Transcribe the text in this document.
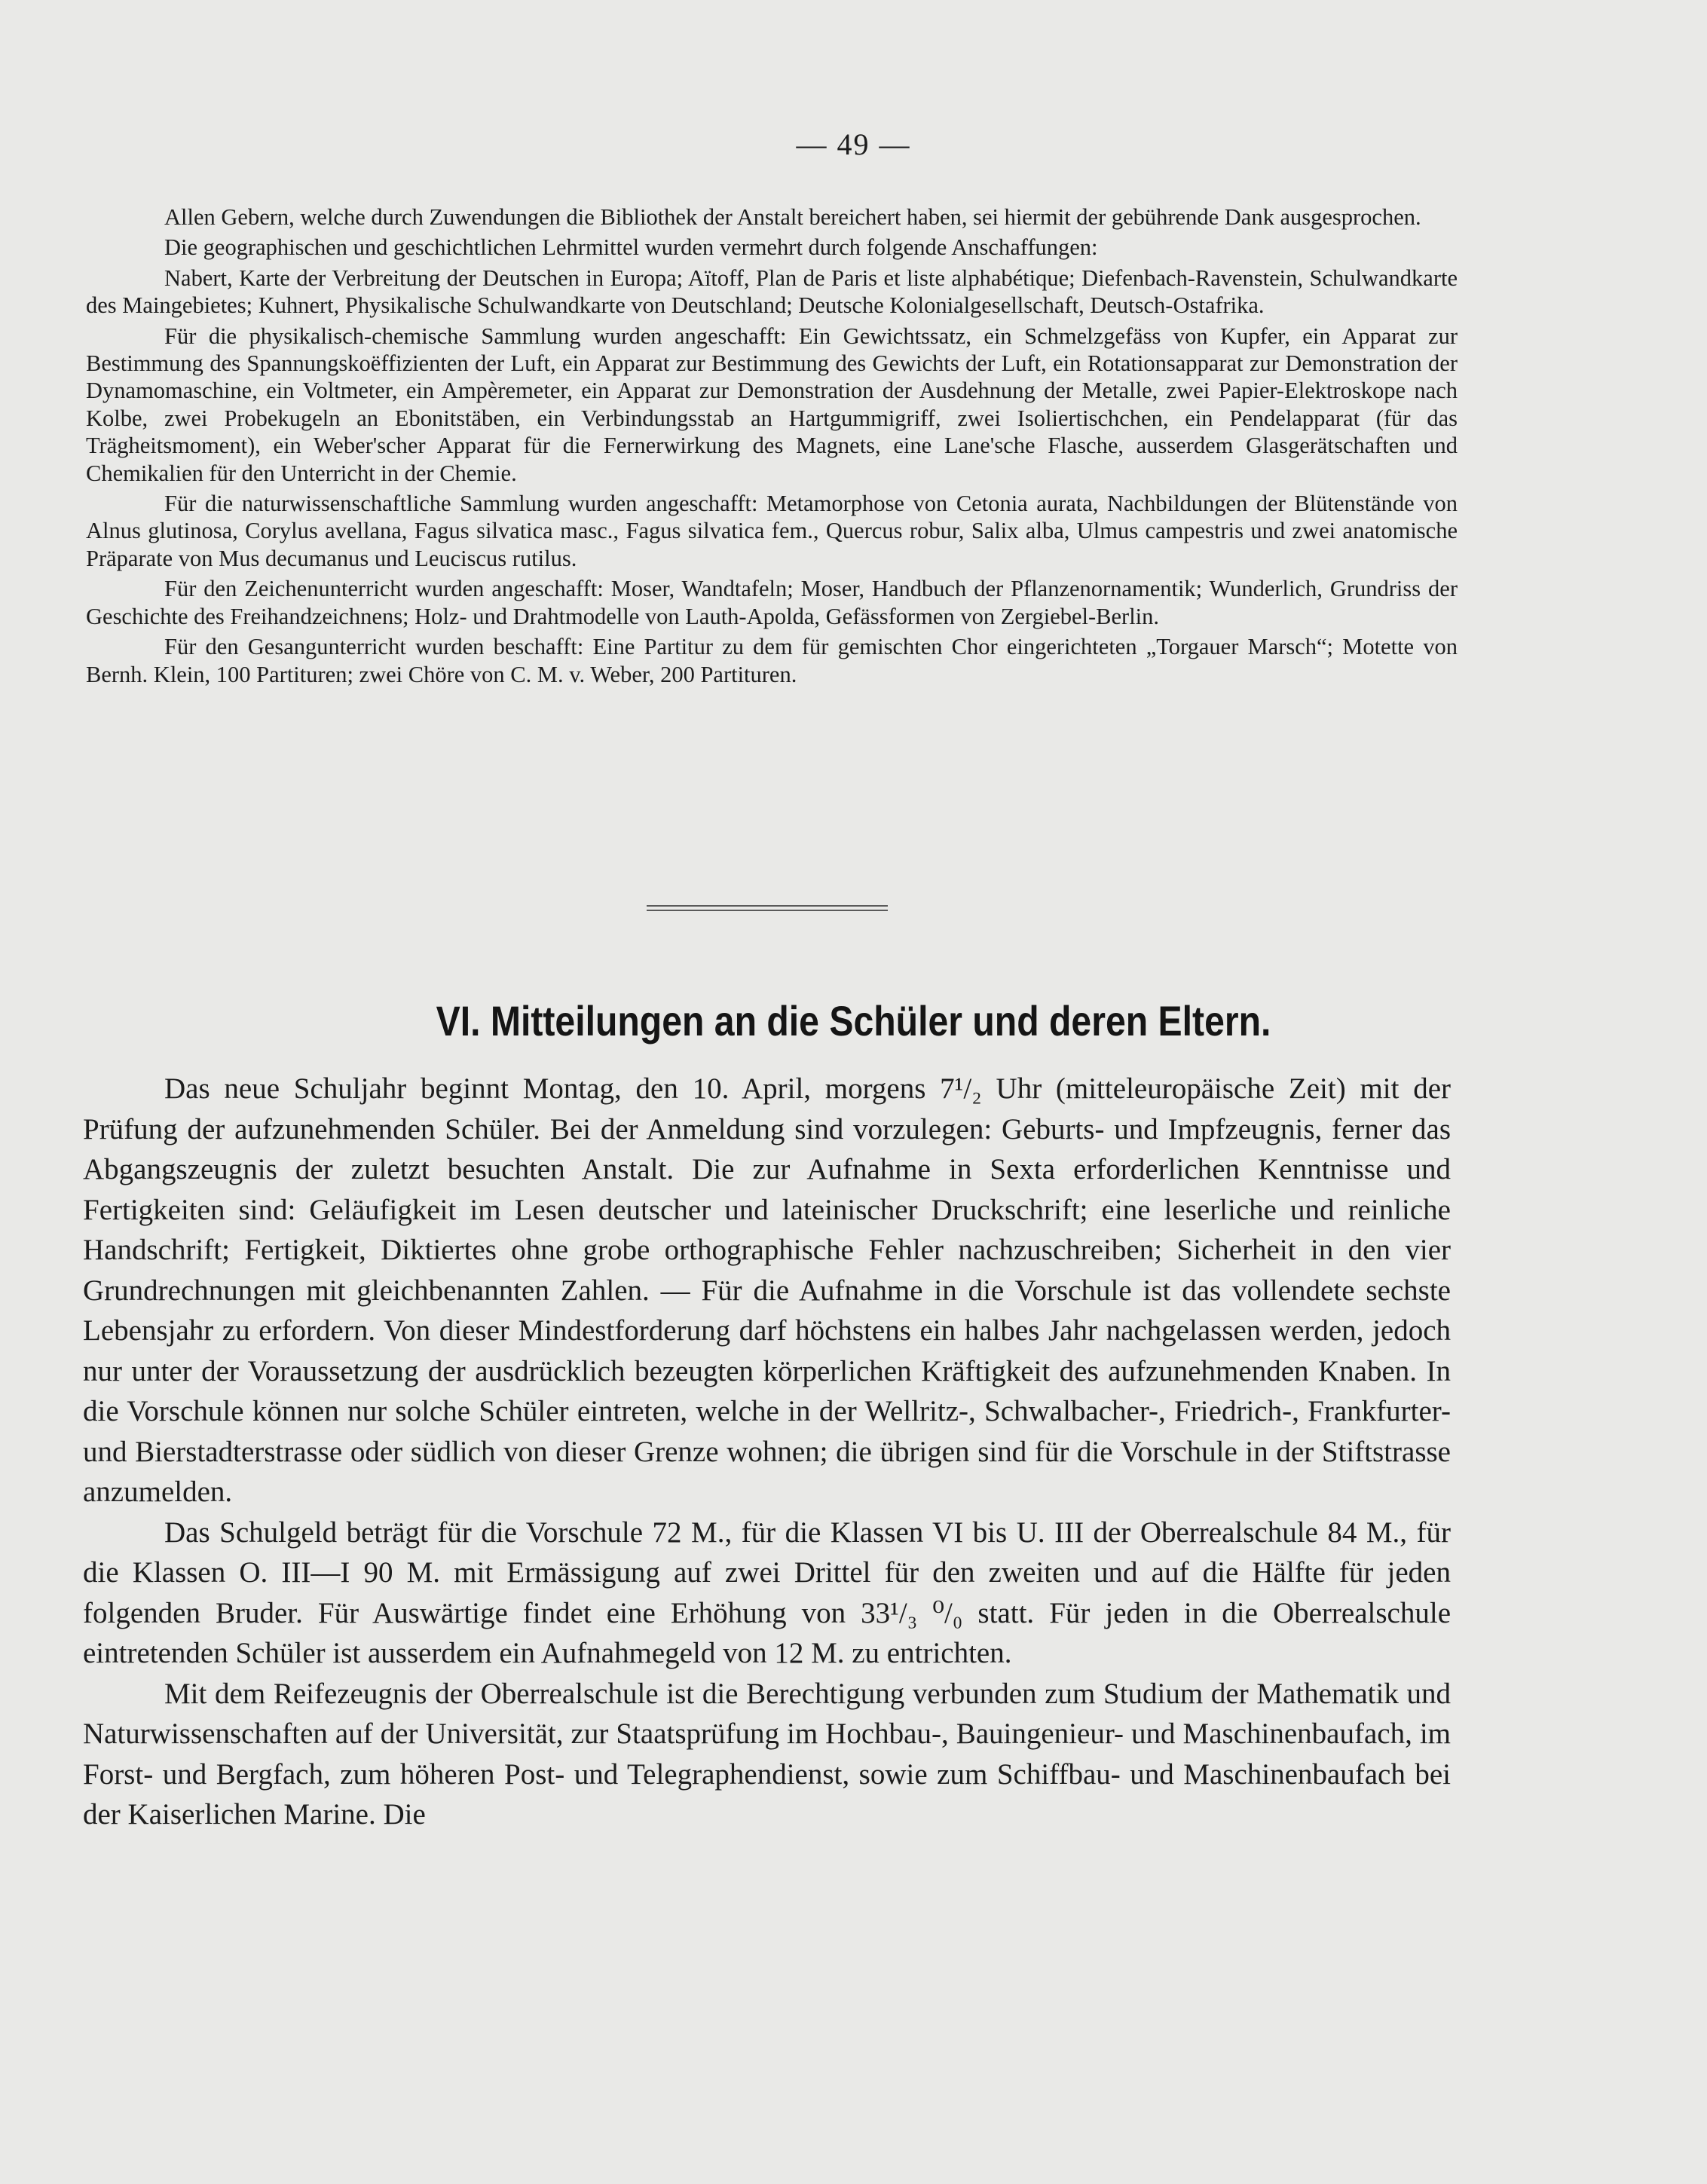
— 49 —

Allen Gebern, welche durch Zuwendungen die Bibliothek der Anstalt bereichert haben, sei hiermit der gebührende Dank ausgesprochen.

Die geographischen und geschichtlichen Lehrmittel wurden vermehrt durch folgende Anschaffungen:

Nabert, Karte der Verbreitung der Deutschen in Europa; Aïtoff, Plan de Paris et liste alphabétique; Diefenbach-Ravenstein, Schulwandkarte des Maingebietes; Kuhnert, Physikalische Schulwandkarte von Deutschland; Deutsche Kolonialgesellschaft, Deutsch-Ostafrika.

Für die physikalisch-chemische Sammlung wurden angeschafft: Ein Gewichtssatz, ein Schmelzgefäss von Kupfer, ein Apparat zur Bestimmung des Spannungskoëffizienten der Luft, ein Apparat zur Bestimmung des Gewichts der Luft, ein Rotationsapparat zur Demonstration der Dynamomaschine, ein Voltmeter, ein Ampèremeter, ein Apparat zur Demonstration der Ausdehnung der Metalle, zwei Papier-Elektroskope nach Kolbe, zwei Probekugeln an Ebonitstäben, ein Verbindungsstab an Hartgummigriff, zwei Isoliertischchen, ein Pendelapparat (für das Trägheitsmoment), ein Weber'scher Apparat für die Fernerwirkung des Magnets, eine Lane'sche Flasche, ausserdem Glasgerätschaften und Chemikalien für den Unterricht in der Chemie.

Für die naturwissenschaftliche Sammlung wurden angeschafft: Metamorphose von Cetonia aurata, Nachbildungen der Blütenstände von Alnus glutinosa, Corylus avellana, Fagus silvatica masc., Fagus silvatica fem., Quercus robur, Salix alba, Ulmus campestris und zwei anatomische Präparate von Mus decumanus und Leuciscus rutilus.

Für den Zeichenunterricht wurden angeschafft: Moser, Wandtafeln; Moser, Handbuch der Pflanzenornamentik; Wunderlich, Grundriss der Geschichte des Freihandzeichnens; Holz- und Drahtmodelle von Lauth-Apolda, Gefässformen von Zergiebel-Berlin.

Für den Gesangunterricht wurden beschafft: Eine Partitur zu dem für gemischten Chor eingerichteten „Torgauer Marsch“; Motette von Bernh. Klein, 100 Partituren; zwei Chöre von C. M. v. Weber, 200 Partituren.

VI. Mitteilungen an die Schüler und deren Eltern.

Das neue Schuljahr beginnt Montag, den 10. April, morgens 7¹/₂ Uhr (mitteleuropäische Zeit) mit der Prüfung der aufzunehmenden Schüler. Bei der Anmeldung sind vorzulegen: Geburts- und Impfzeugnis, ferner das Abgangszeugnis der zuletzt besuchten Anstalt. Die zur Aufnahme in Sexta erforderlichen Kenntnisse und Fertigkeiten sind: Geläufigkeit im Lesen deutscher und lateinischer Druckschrift; eine leserliche und reinliche Handschrift; Fertigkeit, Diktiertes ohne grobe orthographische Fehler nachzuschreiben; Sicherheit in den vier Grundrechnungen mit gleichbenannten Zahlen. — Für die Aufnahme in die Vorschule ist das vollendete sechste Lebensjahr zu erfordern. Von dieser Mindestforderung darf höchstens ein halbes Jahr nachgelassen werden, jedoch nur unter der Voraussetzung der ausdrücklich bezeugten körperlichen Kräftigkeit des aufzunehmenden Knaben. In die Vorschule können nur solche Schüler eintreten, welche in der Wellritz-, Schwalbacher-, Friedrich-, Frankfurter- und Bierstadterstrasse oder südlich von dieser Grenze wohnen; die übrigen sind für die Vorschule in der Stiftstrasse anzumelden.

Das Schulgeld beträgt für die Vorschule 72 M., für die Klassen VI bis U. III der Oberrealschule 84 M., für die Klassen O. III—I 90 M. mit Ermässigung auf zwei Drittel für den zweiten und auf die Hälfte für jeden folgenden Bruder. Für Auswärtige findet eine Erhöhung von 33¹/₃ ⁰/₀ statt. Für jeden in die Oberrealschule eintretenden Schüler ist ausserdem ein Aufnahmegeld von 12 M. zu entrichten.

Mit dem Reifezeugnis der Oberrealschule ist die Berechtigung verbunden zum Studium der Mathematik und Naturwissenschaften auf der Universität, zur Staatsprüfung im Hochbau-, Bauingenieur- und Maschinenbaufach, im Forst- und Bergfach, zum höheren Post- und Telegraphendienst, sowie zum Schiffbau- und Maschinenbaufach bei der Kaiserlichen Marine. Die
